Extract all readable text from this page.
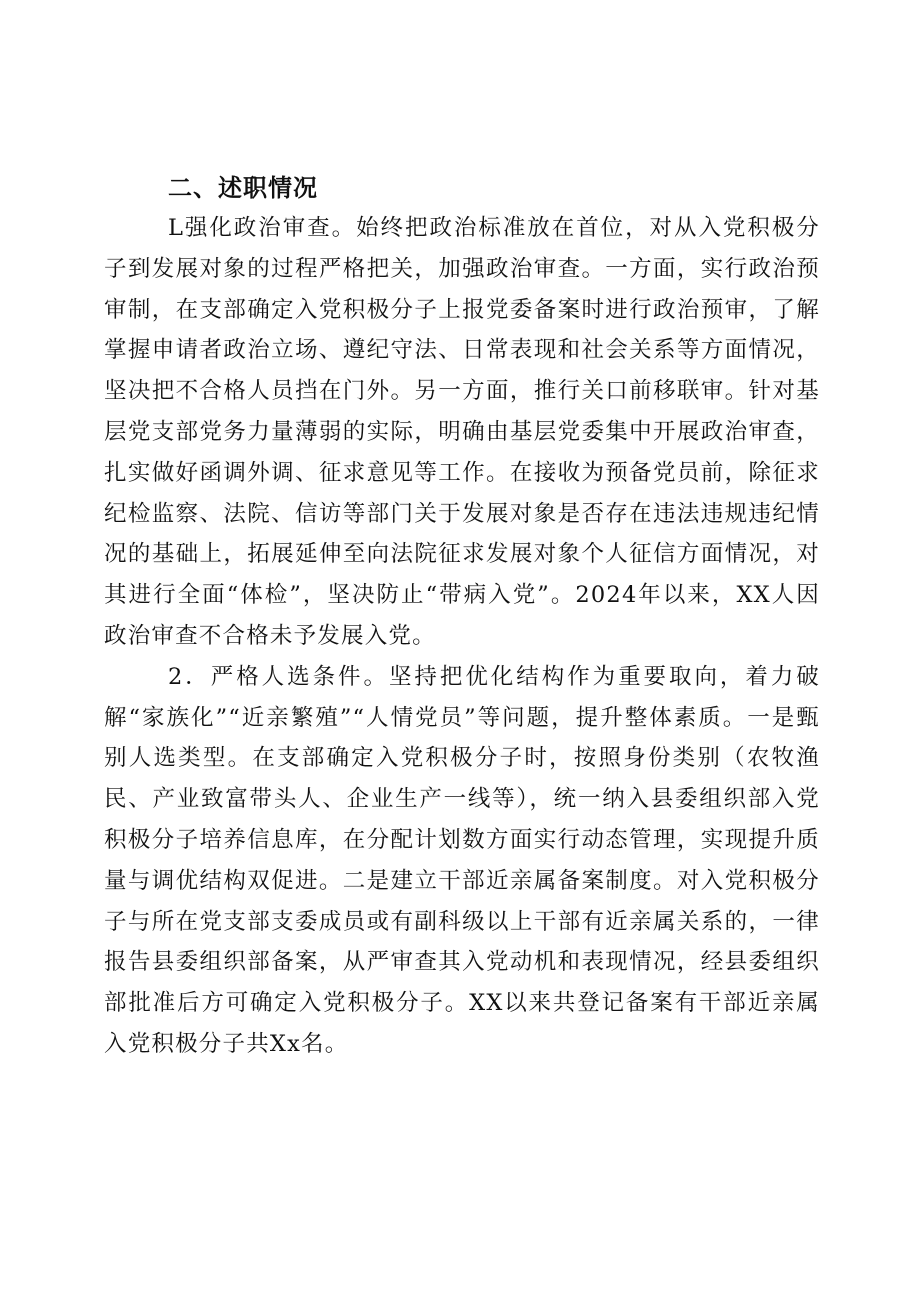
二、述职情况

L强化政治审查。始终把政治标准放在首位，对从入党积极分子到发展对象的过程严格把关，加强政治审查。一方面，实行政治预审制，在支部确定入党积极分子上报党委备案时进行政治预审，了解掌握申请者政治立场、遵纪守法、日常表现和社会关系等方面情况，坚决把不合格人员挡在门外。另一方面，推行关口前移联审。针对基层党支部党务力量薄弱的实际，明确由基层党委集中开展政治审查，扎实做好函调外调、征求意见等工作。在接收为预备党员前，除征求纪检监察、法院、信访等部门关于发展对象是否存在违法违规违纪情况的基础上，拓展延伸至向法院征求发展对象个人征信方面情况，对其进行全面“体检”，坚决防止“带病入党”。2024年以来，XX人因政治审查不合格未予发展入党。

2．严格人选条件。坚持把优化结构作为重要取向，着力破解“家族化”“近亲繁殖”“人情党员”等问题，提升整体素质。一是甄别人选类型。在支部确定入党积极分子时，按照身份类别（农牧渔民、产业致富带头人、企业生产一线等），统一纳入县委组织部入党积极分子培养信息库，在分配计划数方面实行动态管理，实现提升质量与调优结构双促进。二是建立干部近亲属备案制度。对入党积极分子与所在党支部支委成员或有副科级以上干部有近亲属关系的，一律报告县委组织部备案，从严审查其入党动机和表现情况，经县委组织部批准后方可确定入党积极分子。XX以来共登记备案有干部近亲属入党积极分子共Xx名。
